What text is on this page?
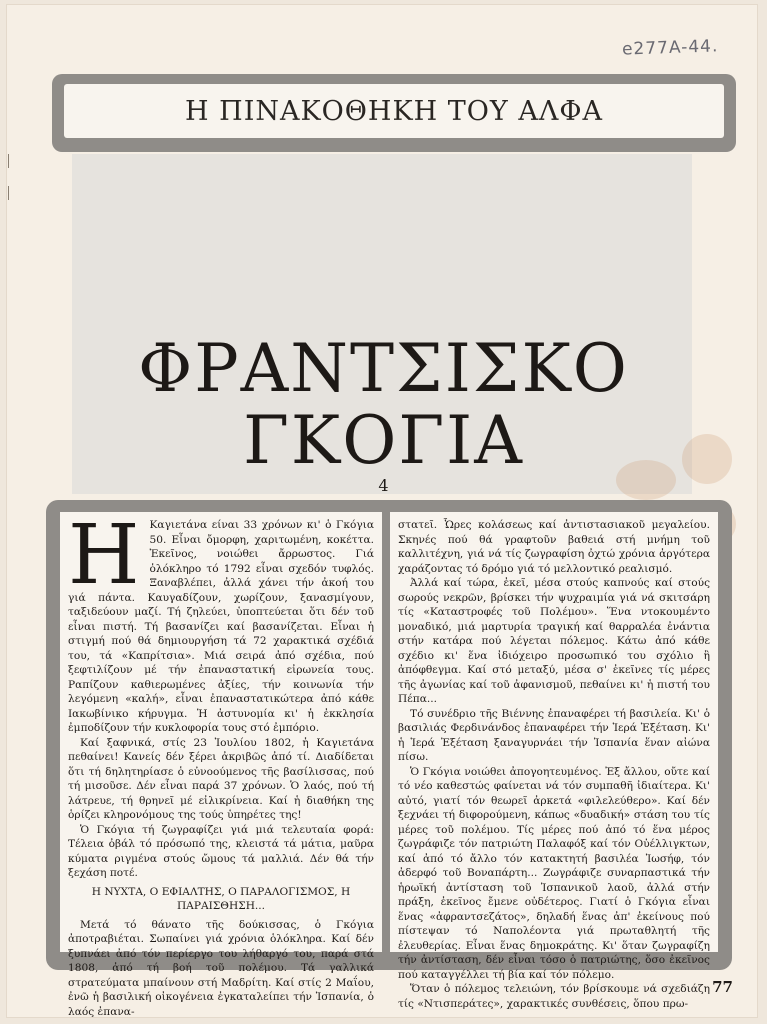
e277A-44.
Η ΠΙΝΑΚΟΘΗΚΗ ΤΟΥ ΑΛΦΑ
ΦΡΑΝΤΣΙΣΚΟ
ΓΚΟΓΙΑ
4
Η Καγιετάνα είναι 33 χρόνων κι' ὁ Γκόγια 50. Εἶναι ὄμορφη, χαριτωμένη, κοκέττα. Ἐκεῖνος, νοιώθει ἄρρωστος. Γιά ὁλόκληρο τό 1792 εἶναι σχεδόν τυφλός. Ξαναβλέπει, ἀλλά χάνει τήν ἀκοή του γιά πάντα. Καυγαδίζουν, χωρίζουν, ξανασμίγουν, ταξιδεύουν μαζί. Τή ζηλεύει, ὑποπτεύεται ὅτι δέν τοῦ εἶναι πιστή. Τή βασανίζει καί βασανίζεται. Εἶναι ἡ στιγμή πού θά δημιουργήση τά 72 χαρακτικά σχέδιά του, τά «Καπρίτσια». Μιά σειρά ἀπό σχέδια, πού ξεφτιλίζουν μέ τήν ἐπαναστατική εἰρωνεία τους. Ραπίζουν καθιερωμένες ἀξίες, τήν κοινωνία τήν λεγόμενη «καλή», εἶναι ἐπαναστατικώτερα ἀπό κάθε Ιακωβίνικο κήρυγμα. Ἡ ἀστυνομία κι' ἡ ἐκκλησία ἐμποδίζουν τήν κυκλοφορία τους στό ἐμπόριο.

Καί ξαφνικά, στίς 23 Ἰουλίου 1802, ἡ Καγιετάνα πεθαίνει! Κανείς δέν ξέρει ἀκριβῶς ἀπό τί. Διαδίδεται ὅτι τή δηλητηρίασε ὁ εὐνοούμενος τῆς βασίλισσας, πού τή μισοῦσε. Δέν εἶναι παρά 37 χρόνων. Ὁ λαός, πού τή λάτρευε, τή θρηνεῖ μέ εἰλικρίνεια. Καί ἡ διαθήκη της ὁρίζει κληρονόμους της τούς ὑπηρέτες της!

Ὁ Γκόγια τή ζωγραφίζει γιά μιά τελευταία φορά: Τέλεια ὀβάλ τό πρόσωπό της, κλειστά τά μάτια, μαῦρα κύματα ριγμένα στούς ὤμους τά μαλλιά. Δέν θά τήν ξεχάση ποτέ.

Η ΝΥΧΤΑ, Ο ΕΦΙΑΛΤΗΣ, Ο ΠΑΡΑΛΟΓΙΣΜΟΣ, Η ΠΑΡΑΙΣΘΗΣΗ...

Μετά τό θάνατο τῆς δούκισσας, ὁ Γκόγια ἀποτραβιέται. Σωπαίνει γιά χρόνια ὁλόκληρα. Καί δέν ξυπνάει ἀπό τόν περίεργο του λήθαργό του, παρά στά 1808, ἀπό τή βοή τοῦ πολέμου. Τά γαλλικά στρατεύματα μπαίνουν στή Μαδρίτη. Καί στίς 2 Μαΐου, ἐνῶ ἡ βασιλική οἰκογένεια ἐγκαταλείπει τήν Ἰσπανία, ὁ λαός ἐπανα-

στατεῖ. Ὧρες κολάσεως καί ἀντιστασιακοῦ μεγαλείου. Σκηνές πού θά γραφτοῦν βαθειά στή μνήμη τοῦ καλλιτέχνη, γιά νά τίς ζωγραφίση ὀχτώ χρόνια ἀργότερα χαράζοντας τό δρόμο γιά τό μελλοντικό ρεαλισμό.

Ἀλλά καί τώρα, ἐκεῖ, μέσα στούς καπνούς καί στούς σωρούς νεκρῶν, βρίσκει τήν ψυχραιμία γιά νά σκιτσάρη τίς «Καταστροφές τοῦ Πολέμου». Ἕνα ντοκουμέντο μοναδικό, μιά μαρτυρία τραγική καί θαρραλέα ἐνάντια στήν κατάρα πού λέγεται πόλεμος. Κάτω ἀπό κάθε σχέδιο κι' ἕνα ἰδιόχειρο προσωπικό του σχόλιο ἢ ἀπόφθεγμα. Καί στό μεταξύ, μέσα σ' ἐκεῖνες τίς μέρες τῆς ἀγωνίας καί τοῦ ἀφανισμοῦ, πεθαίνει κι' ἡ πιστή του Πέπα...

Τό συνέδριο τῆς Βιέννης ἐπαναφέρει τή βασιλεία. Κι' ὁ βασιλιάς Φερδινάνδος ἐπαναφέρει τήν Ἱερά Ἐξέταση. Κι' ἡ Ἱερά Ἐξέταση ξαναγυρνάει τήν Ἰσπανία ἕναν αἰώνα πίσω.

Ὁ Γκόγια νοιώθει ἀπογοητευμένος. Ἐξ ἄλλου, οὔτε καί τό νέο καθεστώς φαίνεται νά τόν συμπαθῆ ἰδιαίτερα. Κι' αὐτό, γιατί τόν θεωρεῖ ἀρκετά «φιλελεύθερο». Καί δέν ξεχνάει τή διφορούμενη, κάπως «δυαδική» στάση του τίς μέρες τοῦ πολέμου. Τίς μέρες πού ἀπό τό ἕνα μέρος ζωγράφιζε τόν πατριώτη Παλαφόξ καί τόν Οὐέλλιγκτων, καί ἀπό τό ἄλλο τόν κατακτητή βασιλέα Ἰωσήφ, τόν ἀδερφό τοῦ Βοναπάρτη... Ζωγράφιζε συναρπαστικά τήν ἡρωϊκή ἀντίσταση τοῦ Ἰσπανικοῦ λαοῦ, ἀλλά στήν πράξη, ἐκεῖνος ἔμενε οὐδέτερος. Γιατί ὁ Γκόγια εἶναι ἕνας «ἀφραντσεζάτος», δηλαδή ἕνας ἀπ' ἐκείνους πού πίστεψαν τό Ναπολέοντα γιά πρωταθλητή τῆς ἐλευθερίας. Εἶναι ἕνας δημοκράτης. Κι' ὅταν ζωγραφίζη τήν ἀντίσταση, δέν εἶναι τόσο ὁ πατριώτης, ὅσο ἐκεῖνος πού καταγγέλλει τή βία καί τόν πόλεμο.

Ὅταν ὁ πόλεμος τελειώνη, τόν βρίσκουμε νά σχεδιάζη τίς «Ντισπεράτες», χαρακτικές συνθέσεις, ὅπου πρω-

77
